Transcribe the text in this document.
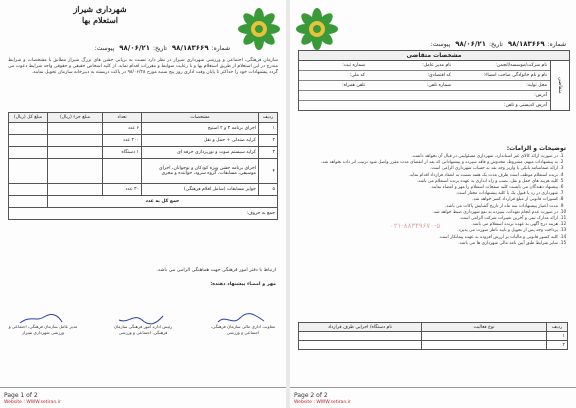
شهرداری شیراز
استعلام بها
شماره:۹۸/۱۸۳۶۶۹ تاریخ:۹۸/۰۶/۲۱ پیوست:
سازمان فرهنگی، اجتماعی و ورزشی شهرداری شیراز در نظر دارد نسبت به برپایی جشن های بزرگ شیراز مطابق با مشخصات و شرایط مندرج در این استعلام از طریق استعلام بها و با رعایت ضوابط و مقررات اقدام نماید. از کلیه اشخاص حقیقی و حقوقی واجد شرایط دعوت می گردد پیشنهادات خود را حداکثر تا پایان وقت اداری روز پنج شنبه مورخ ۹۸/۰۶/۲۸ در پاکت دربسته به دبیرخانه سازمان تحویل نمایند.
ردیف	مشخصات	تعداد	مبلغ جزء (ریال)	مبلغ کل (ریال)
۱	اجرای برنامه ۳ و ۲ استیج	۶ عدد		
۲	کرایه صندلی + حمل و نقل	۲۰۰ عدد		
۳	کرایه سیستم صوت و نورپردازی حرفه ای	۱ دستگاه		
۴	اجرای برنامه جشن ویژه کودکان و نوجوانان، اجرای موسیقی، مسابقات، گروه سرود، خواننده و مجری			
۵	جوایز مسابقات (شامل اقلام فرهنگی)	۳۰ عدد		
جمع کل به عدد				
جمع به حروف:				
ارتباط با دفتر امور فرهنگی جهت هماهنگی الزامی می باشد.
مهر و امضاء پیشنهاد دهنده:
معاونت اداری مالی سازمان فرهنگی، اجتماعی و ورزشی
رئیس اداره امور فرهنگی سازمان فرهنگی، اجتماعی و ورزشی
مدیر عامل سازمان فرهنگی، اجتماعی و ورزشی شهرداری شیراز
Page 1 of 2
Website : WWW.setiran.ir
شماره:۹۸/۱۸۳۶۶۹ تاریخ:۹۸/۰۶/۲۱ پیوست:
مشخصات متقاضی
متقاضی
نام شرکت/موسسه/انجمن:
نام مدیر عامل:
شماره ثبت:
نام و نام خانوادگی صاحب امضاء:
کد اقتصادی:
کد ملی:
محل تولید:
شماره تلفن:
تلفن همراه:
آدرس:
آدرس کدپستی و تلفن:
توضیحات و الزامات:
1. در صورت ارائه کالای غیر استاندارد، شهرداری مسئولیتی در قبال آن نخواهد داشت.
2. به پیشنهادات مبهم، مشروط، مخدوش و فاقد سپرده و پیشنهاداتی که بعد از انقضای مدت مقرر واصل شود ترتیب اثر داده نخواهد شد.
3. ارائه ضمانتنامه بانکی یا واریز وجه نقد به حساب شهرداری الزامی است.
4. برنده استعلام موظف است ظرف مدت یک هفته نسبت به انعقاد قرارداد اقدام نماید.
5. کلیه هزینه های حمل و نقل، نصب و راه اندازی به عهده برنده استعلام می باشد.
6. پیشنهاد دهندگان می بایست کلیه صفحات استعلام را مهر و امضاء نمایند.
7. شهرداری در رد یا قبول یک یا کلیه پیشنهادات مختار است.
8. کسورات قانونی از مبلغ قرارداد کسر خواهد شد.
9. مدت اعتبار پیشنهادات سه ماه از تاریخ گشایش پاکات می باشد.
10. در صورت عدم انجام تعهدات، سپرده به نفع شهرداری ضبط خواهد شد.
11. ارائه مدارک ثبتی و آخرین تغییرات شرکت الزامی است.
12. هزینه درج آگهی به عهده برنده استعلام می باشد.
13. پرداخت وجه پس از تحویل و تایید ناظر صورت می پذیرد.
14. کلیه کسور قانونی و مالیات بر ارزش افزوده به عهده پیمانکار است.
15. سایر شرایط طبق آیین نامه مالی شهرداری ها می باشد.
۰۲۱-۸۸۳۴۹۶۷۰-۵
ردیف	نوع فعالیت	نام دستگاه/ اجرایی طرف قرارداد
۱		
۲		
Page 2 of 2
Website : WWW.setiran.ir
